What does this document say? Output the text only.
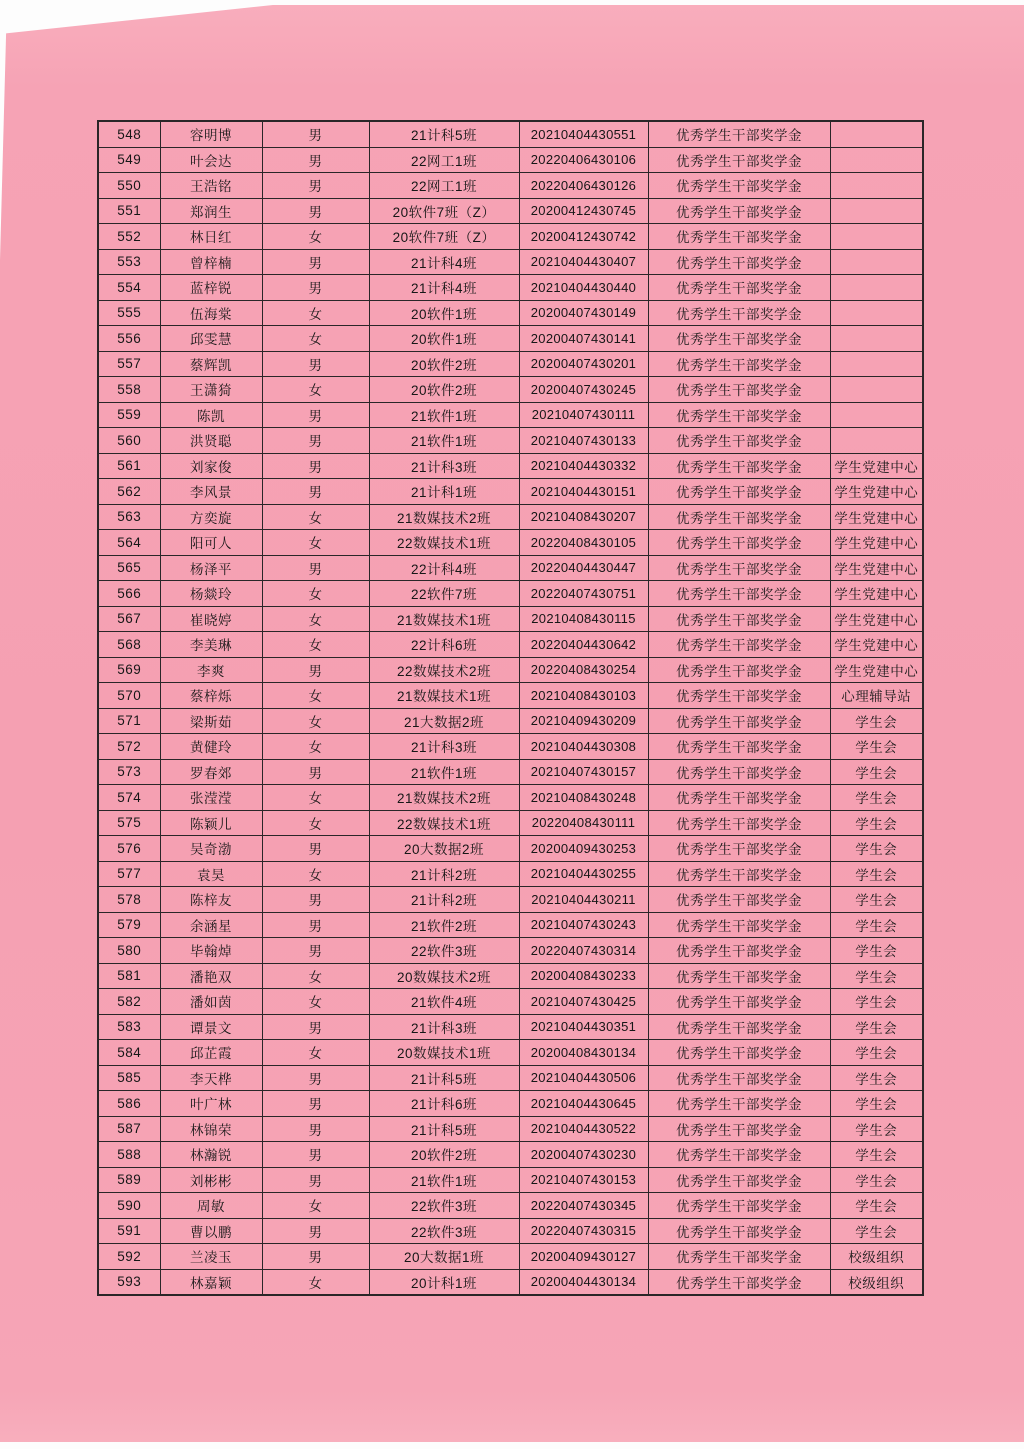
548	容明博	男	21计科5班	20210404430551	优秀学生干部奖学金	
549	叶会达	男	22网工1班	20220406430106	优秀学生干部奖学金	
550	王浩铭	男	22网工1班	20220406430126	优秀学生干部奖学金	
551	郑润生	男	20软件7班（Z）	20200412430745	优秀学生干部奖学金	
552	林日红	女	20软件7班（Z）	20200412430742	优秀学生干部奖学金	
553	曾梓楠	男	21计科4班	20210404430407	优秀学生干部奖学金	
554	蓝梓锐	男	21计科4班	20210404430440	优秀学生干部奖学金	
555	伍海棠	女	20软件1班	20200407430149	优秀学生干部奖学金	
556	邱雯慧	女	20软件1班	20200407430141	优秀学生干部奖学金	
557	蔡辉凯	男	20软件2班	20200407430201	优秀学生干部奖学金	
558	王潇猗	女	20软件2班	20200407430245	优秀学生干部奖学金	
559	陈凯	男	21软件1班	20210407430111	优秀学生干部奖学金	
560	洪贤聪	男	21软件1班	20210407430133	优秀学生干部奖学金	
561	刘家俊	男	21计科3班	20210404430332	优秀学生干部奖学金	学生党建中心
562	李风景	男	21计科1班	20210404430151	优秀学生干部奖学金	学生党建中心
563	方奕旋	女	21数媒技术2班	20210408430207	优秀学生干部奖学金	学生党建中心
564	阳可人	女	22数媒技术1班	20220408430105	优秀学生干部奖学金	学生党建中心
565	杨泽平	男	22计科4班	20220404430447	优秀学生干部奖学金	学生党建中心
566	杨燚玲	女	22软件7班	20220407430751	优秀学生干部奖学金	学生党建中心
567	崔晓婷	女	21数媒技术1班	20210408430115	优秀学生干部奖学金	学生党建中心
568	李美琳	女	22计科6班	20220404430642	优秀学生干部奖学金	学生党建中心
569	李爽	男	22数媒技术2班	20220408430254	优秀学生干部奖学金	学生党建中心
570	蔡梓烁	女	21数媒技术1班	20210408430103	优秀学生干部奖学金	心理辅导站
571	梁斯茹	女	21大数据2班	20210409430209	优秀学生干部奖学金	学生会
572	黄健玲	女	21计科3班	20210404430308	优秀学生干部奖学金	学生会
573	罗春郊	男	21软件1班	20210407430157	优秀学生干部奖学金	学生会
574	张滢滢	女	21数媒技术2班	20210408430248	优秀学生干部奖学金	学生会
575	陈颖儿	女	22数媒技术1班	20220408430111	优秀学生干部奖学金	学生会
576	吴奇渤	男	20大数据2班	20200409430253	优秀学生干部奖学金	学生会
577	袁昊	女	21计科2班	20210404430255	优秀学生干部奖学金	学生会
578	陈梓友	男	21计科2班	20210404430211	优秀学生干部奖学金	学生会
579	余涵星	男	21软件2班	20210407430243	优秀学生干部奖学金	学生会
580	毕翰焯	男	22软件3班	20220407430314	优秀学生干部奖学金	学生会
581	潘艳双	女	20数媒技术2班	20200408430233	优秀学生干部奖学金	学生会
582	潘如茵	女	21软件4班	20210407430425	优秀学生干部奖学金	学生会
583	谭景文	男	21计科3班	20210404430351	优秀学生干部奖学金	学生会
584	邱芷霞	女	20数媒技术1班	20200408430134	优秀学生干部奖学金	学生会
585	李天桦	男	21计科5班	20210404430506	优秀学生干部奖学金	学生会
586	叶广林	男	21计科6班	20210404430645	优秀学生干部奖学金	学生会
587	林锦荣	男	21计科5班	20210404430522	优秀学生干部奖学金	学生会
588	林瀚锐	男	20软件2班	20200407430230	优秀学生干部奖学金	学生会
589	刘彬彬	男	21软件1班	20210407430153	优秀学生干部奖学金	学生会
590	周敏	女	22软件3班	20220407430345	优秀学生干部奖学金	学生会
591	曹以鹏	男	22软件3班	20220407430315	优秀学生干部奖学金	学生会
592	兰凌玉	男	20大数据1班	20200409430127	优秀学生干部奖学金	校级组织
593	林嘉颖	女	20计科1班	20200404430134	优秀学生干部奖学金	校级组织
